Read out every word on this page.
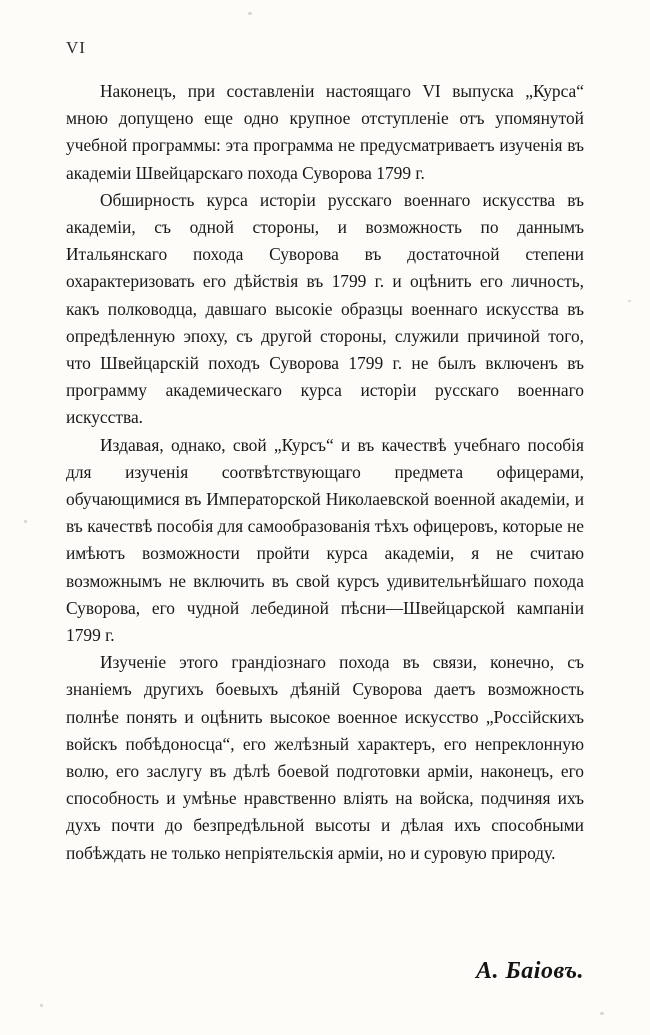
VI

Наконецъ, при составленіи настоящаго VI выпуска „Курса“ мною допущено еще одно крупное отступленіе отъ упомянутой учебной программы: эта программа не предусматриваетъ изученія въ академіи Швейцарскаго похода Суворова 1799 г.

Обширность курса исторіи русскаго военнаго искусства въ академіи, съ одной стороны, и возможность по даннымъ Итальянскаго похода Суворова въ достаточной степени охарактеризовать его дѣйствія въ 1799 г. и оцѣнить его личность, какъ полководца, давшаго высокіе образцы военнаго искусства въ опредѣленную эпоху, съ другой стороны, служили причиной того, что Швейцарскій походъ Суворова 1799 г. не былъ включенъ въ программу академическаго курса исторіи русскаго военнаго искусства.

Издавая, однако, свой „Курсъ“ и въ качествѣ учебнаго пособія для изученія соотвѣтствующаго предмета офицерами, обучающимися въ Императорской Николаевской военной академіи, и въ качествѣ пособія для самообразованія тѣхъ офицеровъ, которые не имѣютъ возможности пройти курса академіи, я не считаю возможнымъ не включить въ свой курсъ удивительнѣйшаго похода Суворова, его чудной лебединой пѣсни—Швейцарской кампаніи 1799 г.

Изученіе этого грандіознаго похода въ связи, конечно, съ знаніемъ другихъ боевыхъ дѣяній Суворова даетъ возможность полнѣе понять и оцѣнить высокое военное искусство „Россійскихъ войскъ побѣдоносца“, его желѣзный характеръ, его непреклонную волю, его заслугу въ дѣлѣ боевой подготовки арміи, наконецъ, его способность и умѣнье нравственно вліять на войска, подчиняя ихъ духъ почти до безпредѣльной высоты и дѣлая ихъ способными побѣждать не только непріятельскія арміи, но и суровую природу.

А. Баіовъ.
